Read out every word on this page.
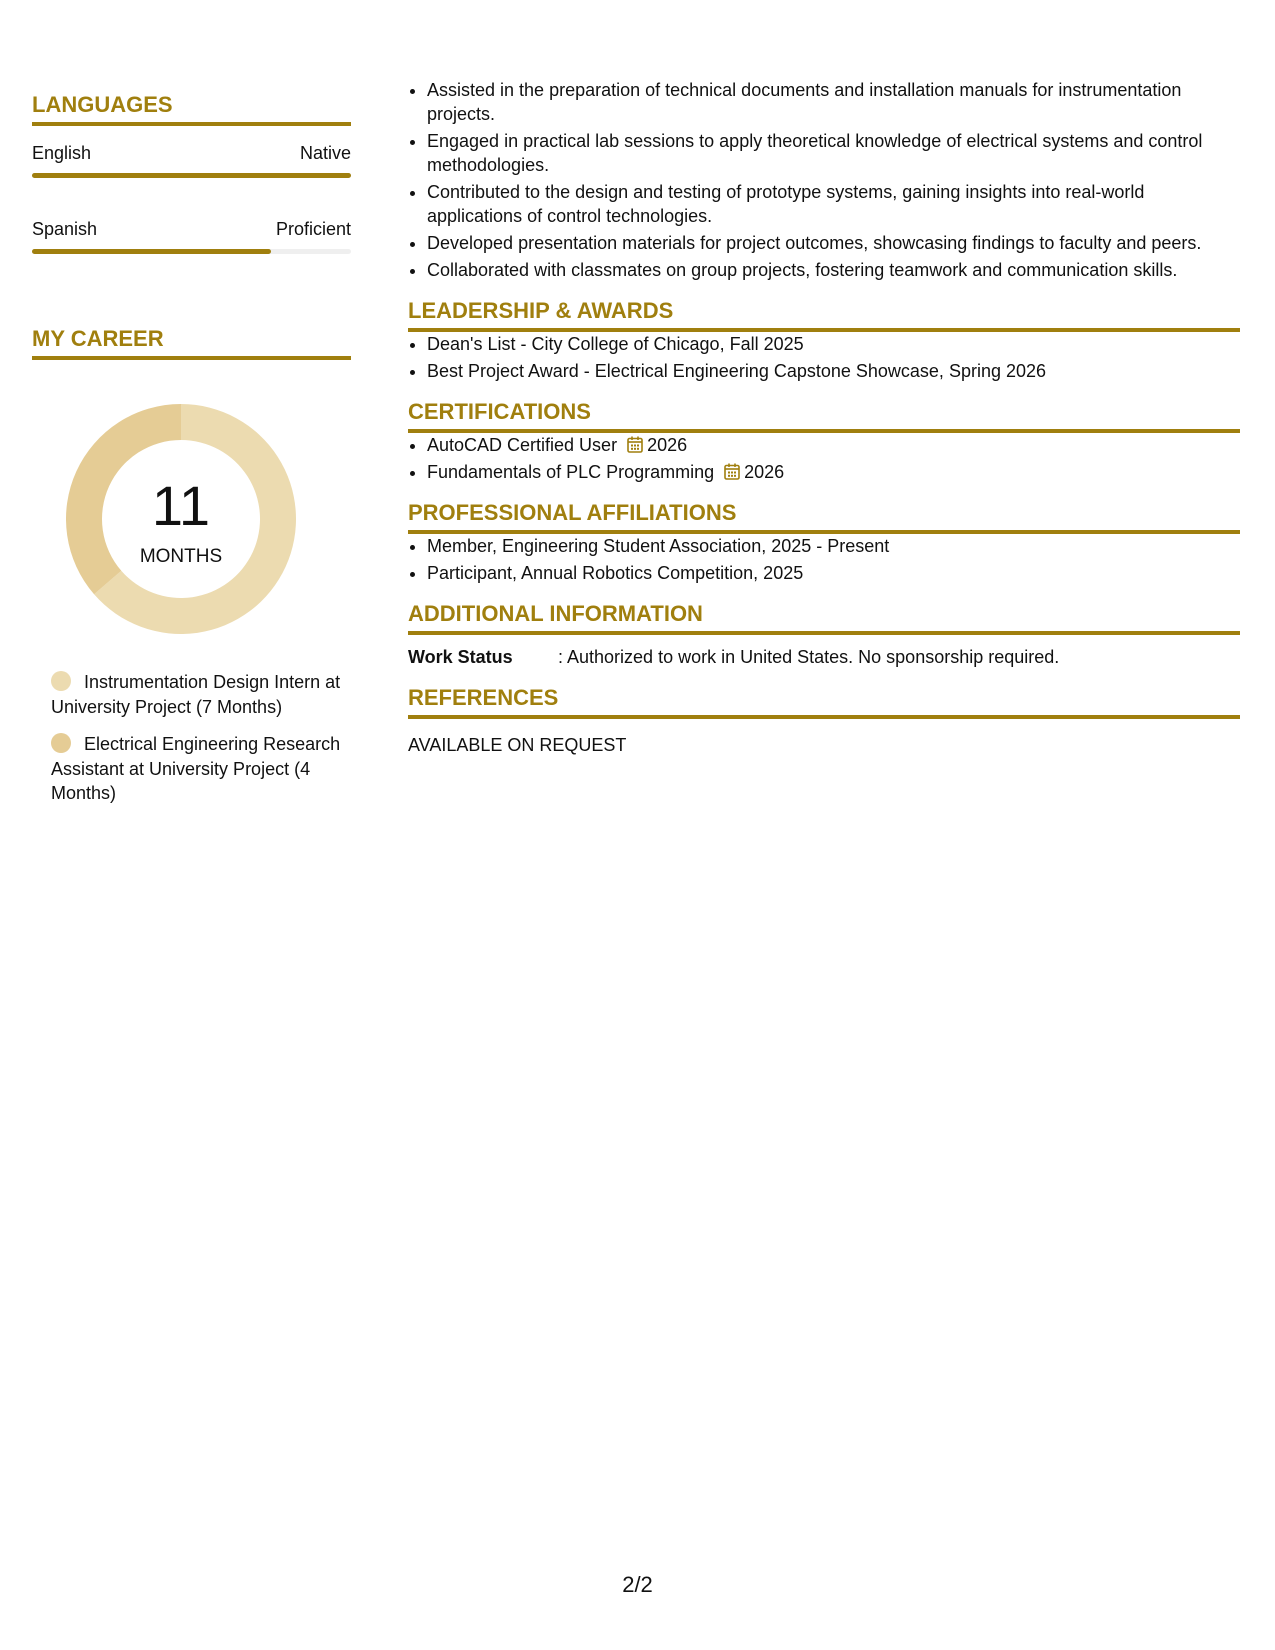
LANGUAGES
English	Native
Spanish	Proficient
MY CAREER
11
MONTHS
Instrumentation Design Intern at University Project (7 Months)
Electrical Engineering Research Assistant at University Project (4 Months)
• Assisted in the preparation of technical documents and installation manuals for instrumentation projects.
• Engaged in practical lab sessions to apply theoretical knowledge of electrical systems and control methodologies.
• Contributed to the design and testing of prototype systems, gaining insights into real-world applications of control technologies.
• Developed presentation materials for project outcomes, showcasing findings to faculty and peers.
• Collaborated with classmates on group projects, fostering teamwork and communication skills.
LEADERSHIP & AWARDS
• Dean's List - City College of Chicago, Fall 2025
• Best Project Award - Electrical Engineering Capstone Showcase, Spring 2026
CERTIFICATIONS
• AutoCAD Certified User 2026
• Fundamentals of PLC Programming 2026
PROFESSIONAL AFFILIATIONS
• Member, Engineering Student Association, 2025 - Present
• Participant, Annual Robotics Competition, 2025
ADDITIONAL INFORMATION
Work Status	: Authorized to work in United States. No sponsorship required.
REFERENCES
AVAILABLE ON REQUEST
2/2
